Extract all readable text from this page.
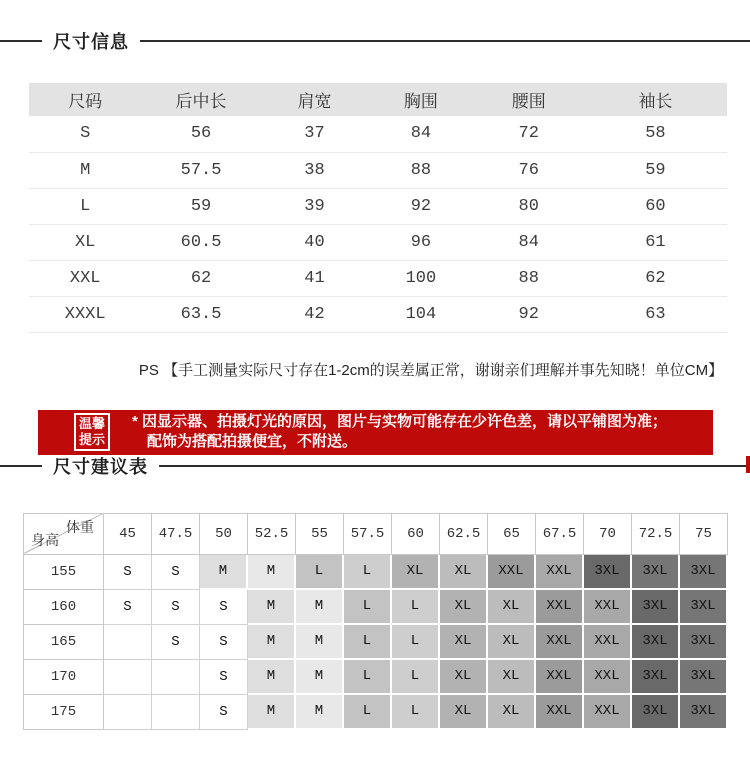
尺寸信息
尺码	后中长	肩宽	胸围	腰围	袖长
S	56	37	84	72	58
M	57.5	38	88	76	59
L	59	39	92	80	60
XL	60.5	40	96	84	61
XXL	62	41	100	88	62
XXXL	63.5	42	104	92	63

PS 【手工测量实际尺寸存在1-2cm的误差属正常，谢谢亲们理解并事先知晓！单位CM】

温馨
提示
* 因显示器、拍摄灯光的原因，图片与实物可能存在少许色差，请以平铺图为准；
配饰为搭配拍摄便宜，不附送。
尺寸建议表
体重
身高	45	47.5	50	52.5	55	57.5	60	62.5	65	67.5	70	72.5	75
155	S	S	M	M	L	L	XL	XL	XXL	XXL	3XL	3XL	3XL
160	S	S	S	M	M	L	L	XL	XL	XXL	XXL	3XL	3XL
165		S	S	M	M	L	L	XL	XL	XXL	XXL	3XL	3XL
170			S	M	M	L	L	XL	XL	XXL	XXL	3XL	3XL
175			S	M	M	L	L	XL	XL	XXL	XXL	3XL	3XL
